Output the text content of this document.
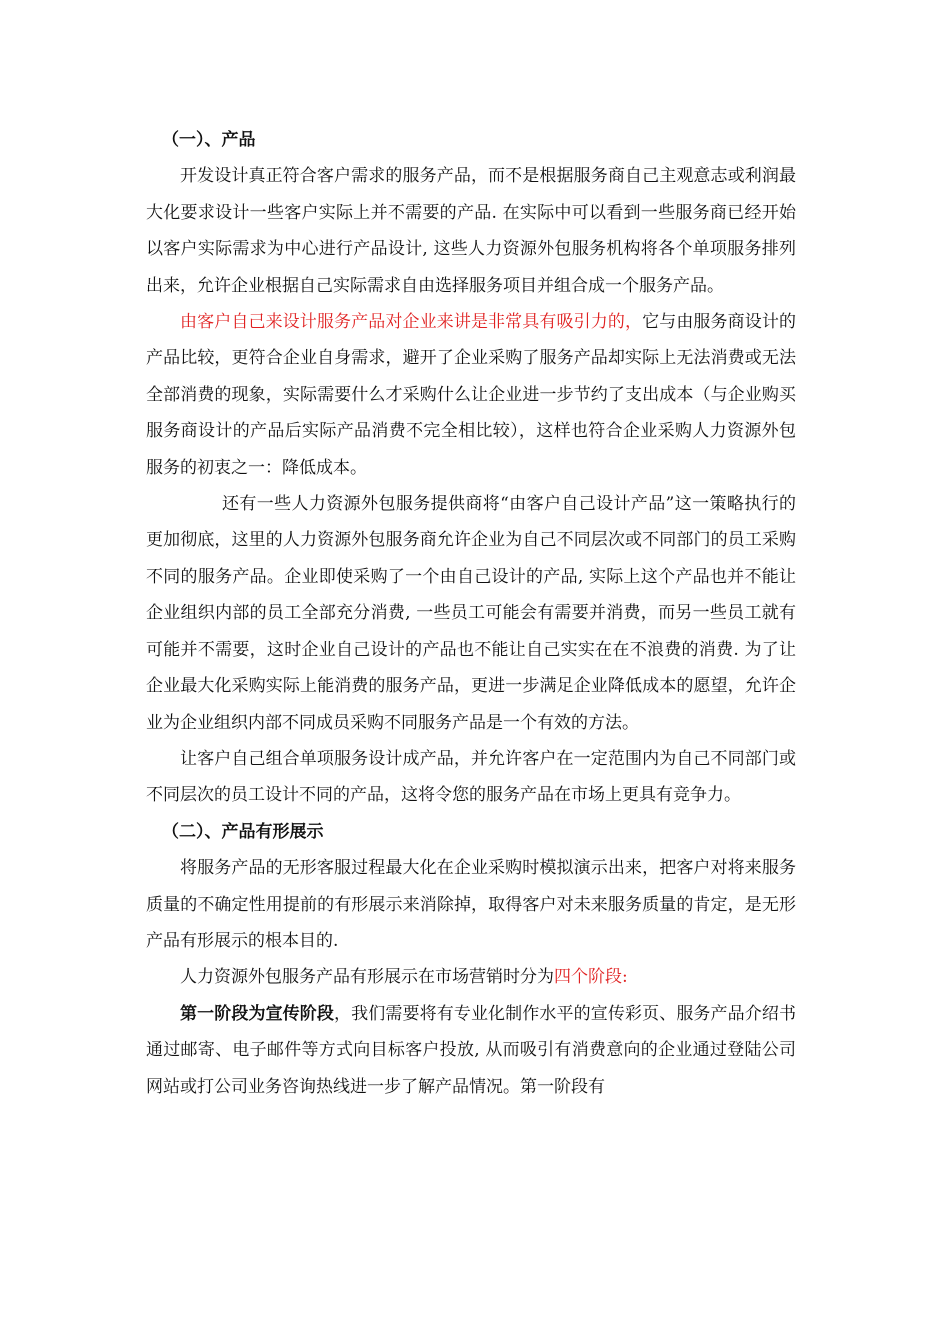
（一）、产品

开发设计真正符合客户需求的服务产品，而不是根据服务商自己主观意志或利润最大化要求设计一些客户实际上并不需要的产品. 在实际中可以看到一些服务商已经开始以客户实际需求为中心进行产品设计, 这些人力资源外包服务机构将各个单项服务排列出来，允许企业根据自己实际需求自由选择服务项目并组合成一个服务产品。

由客户自己来设计服务产品对企业来讲是非常具有吸引力的，它与由服务商设计的产品比较，更符合企业自身需求，避开了企业采购了服务产品却实际上无法消费或无法全部消费的现象，实际需要什么才采购什么让企业进一步节约了支出成本（与企业购买服务商设计的产品后实际产品消费不完全相比较），这样也符合企业采购人力资源外包服务的初衷之一：降低成本。

还有一些人力资源外包服务提供商将“由客户自己设计产品”这一策略执行的更加彻底，这里的人力资源外包服务商允许企业为自己不同层次或不同部门的员工采购不同的服务产品。企业即使采购了一个由自己设计的产品, 实际上这个产品也并不能让企业组织内部的员工全部充分消费, 一些员工可能会有需要并消费，而另一些员工就有可能并不需要，这时企业自己设计的产品也不能让自己实实在在不浪费的消费. 为了让企业最大化采购实际上能消费的服务产品，更进一步满足企业降低成本的愿望，允许企业为企业组织内部不同成员采购不同服务产品是一个有效的方法。

让客户自己组合单项服务设计成产品，并允许客户在一定范围内为自己不同部门或不同层次的员工设计不同的产品，这将令您的服务产品在市场上更具有竞争力。

（二）、产品有形展示

将服务产品的无形客服过程最大化在企业采购时模拟演示出来，把客户对将来服务质量的不确定性用提前的有形展示来消除掉，取得客户对未来服务质量的肯定，是无形产品有形展示的根本目的.

人力资源外包服务产品有形展示在市场营销时分为四个阶段:

第一阶段为宣传阶段，我们需要将有专业化制作水平的宣传彩页、服务产品介绍书通过邮寄、电子邮件等方式向目标客户投放, 从而吸引有消费意向的企业通过登陆公司网站或打公司业务咨询热线进一步了解产品情况。第一阶段有
